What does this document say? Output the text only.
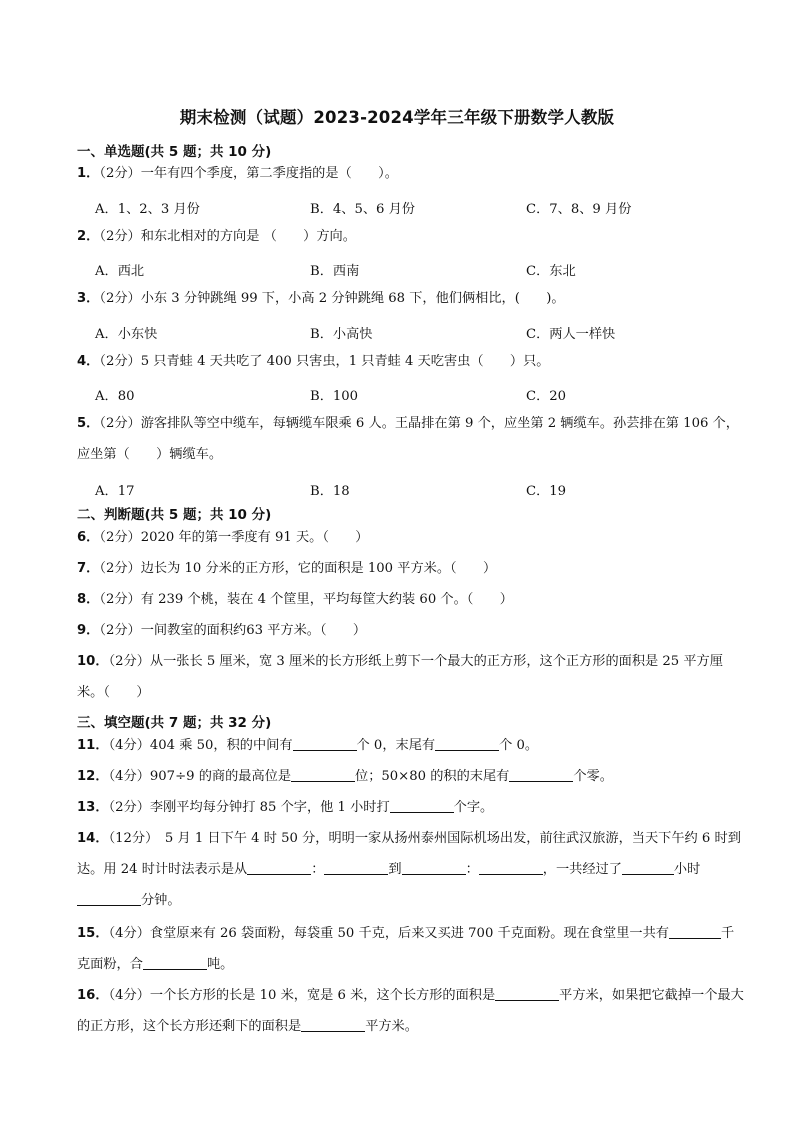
期末检测（试题）2023-2024学年三年级下册数学人教版
一、单选题(共 5 题；共 10 分)
1．（2分）一年有四个季度，第二季度指的是（　　）。
A．1、2、3 月份	B．4、5、6 月份	C．7、8、9 月份
2．（2分）和东北相对的方向是 （　　）方向。
A．西北	B．西南	C．东北
3．（2分）小东 3 分钟跳绳 99 下，小高 2 分钟跳绳 68 下，他们俩相比，(　　)。
A．小东快	B．小高快	C．两人一样快
4．（2分）5 只青蛙 4 天共吃了 400 只害虫，1 只青蛙 4 天吃害虫（　　）只。
A．80	B．100	C．20
5．（2分）游客排队等空中缆车，每辆缆车限乘 6 人。王晶排在第 9 个，应坐第 2 辆缆车。孙芸排在第 106 个，应坐第（　　）辆缆车。
A．17	B．18	C．19
二、判断题(共 5 题；共 10 分)
6．（2分）2020 年的第一季度有 91 天。（　　）
7．（2分）边长为 10 分米的正方形，它的面积是 100 平方米。（　　）
8．（2分）有 239 个桃，装在 4 个筐里，平均每筐大约装 60 个。（　　）
9．（2分）一间教室的面积约63 平方米。（　　）
10．（2分）从一张长 5 厘米，宽 3 厘米的长方形纸上剪下一个最大的正方形，这个正方形的面积是 25 平方厘米。（　　）
三、填空题(共 7 题；共 32 分)
11．（4分）404 乘 50，积的中间有	个 0，末尾有	个 0。
12．（4分）907÷9 的商的最高位是	位；50×80 的积的末尾有	个零。
13．（2分）李刚平均每分钟打 85 个字，他 1 小时打	个字。
14．（12分）　5 月 1 日下午 4 时 50 分，明明一家从扬州泰州国际机场出发，前往武汉旅游，当天下午约 6 时到达。用 24 时计时法表示是从	：	到	：	，一共经过了	小时分钟。
15．（4分）食堂原来有 26 袋面粉，每袋重 50 千克，后来又买进 700 千克面粉。现在食堂里一共有	千克面粉，合	吨。
16．（4分）一个长方形的长是 10 米，宽是 6 米，这个长方形的面积是	平方米，如果把它截掉一个最大的正方形，这个长方形还剩下的面积是	平方米。
